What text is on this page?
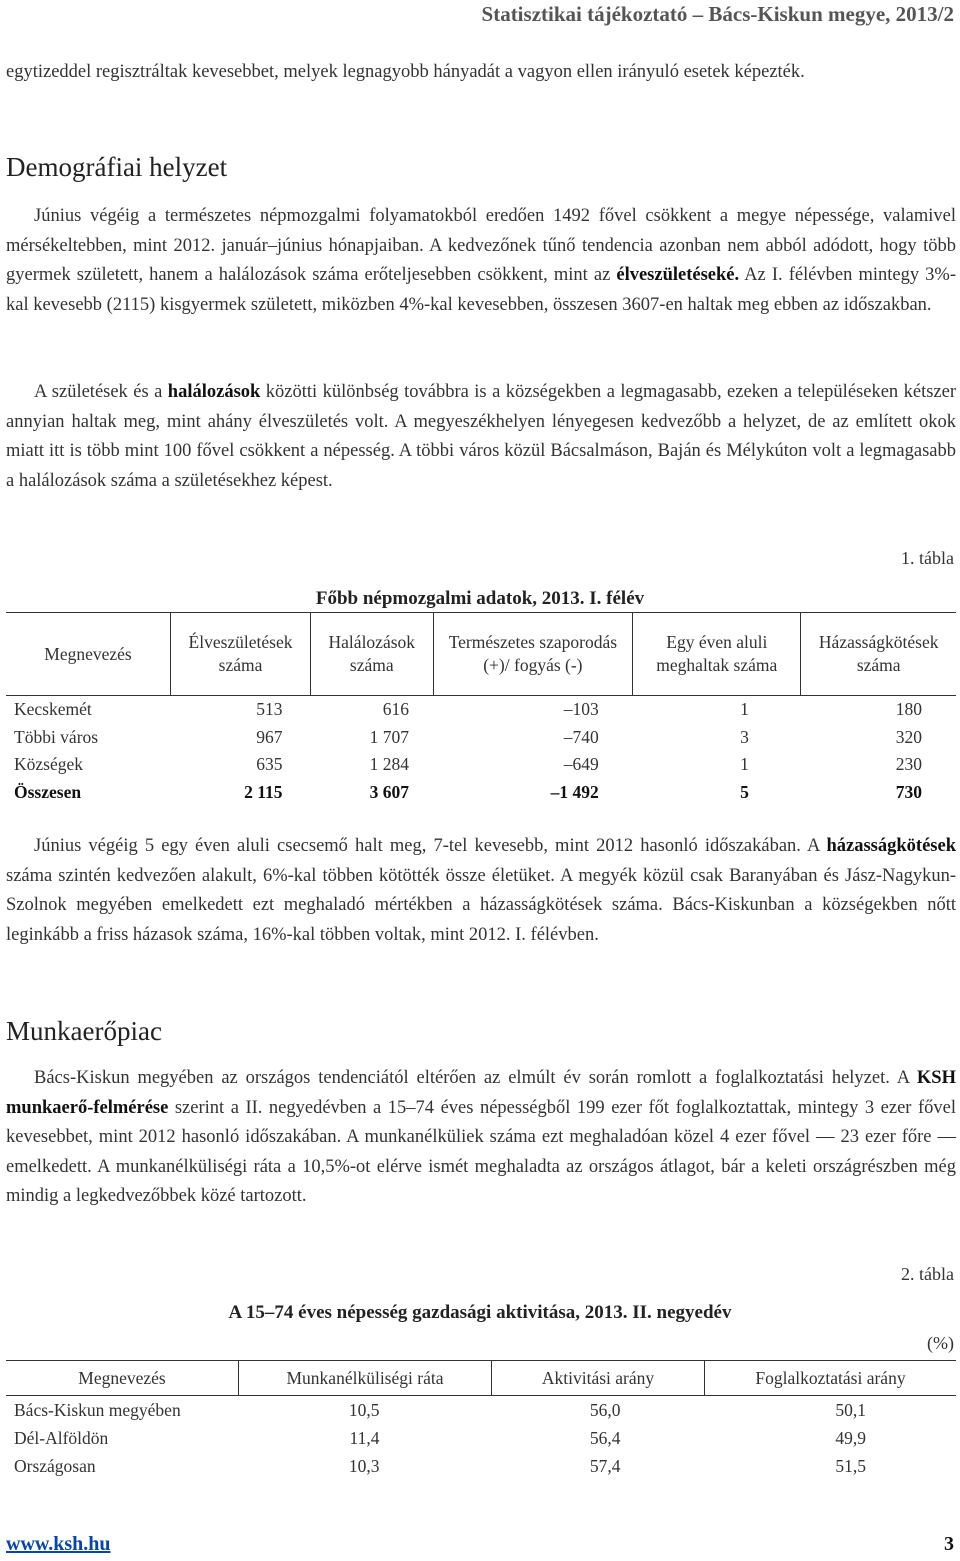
Statisztikai tájékoztató – Bács-Kiskun megye, 2013/2
egytizeddel regisztráltak kevesebbet, melyek legnagyobb hányadát a vagyon ellen irányuló esetek képezték.
Demográfiai helyzet
Június végéig a természetes népmozgalmi folyamatokból eredően 1492 fővel csökkent a megye népessége, valamivel mérsékeltebben, mint 2012. január–június hónapjaiban. A kedvezőnek tűnő tendencia azonban nem abból adódott, hogy több gyermek született, hanem a halálozások száma erőteljesebben csökkent, mint az élveszületéseké. Az I. félévben mintegy 3%-kal kevesebb (2115) kisgyermek született, miközben 4%-kal kevesebben, összesen 3607-en haltak meg ebben az időszakban.
A születések és a halálozások közötti különbség továbbra is a községekben a legmagasabb, ezeken a településeken kétszer annyian haltak meg, mint ahány élveszületés volt. A megyeszékhelyen lényegesen kedvezőbb a helyzet, de az említett okok miatt itt is több mint 100 fővel csökkent a népesség. A többi város közül Bácsalmáson, Baján és Mélykúton volt a legmagasabb a halálozások száma a születésekhez képest.
1. tábla
Főbb népmozgalmi adatok, 2013. I. félév
Megnevezés	Élveszületések száma	Halálozások száma	Természetes szaporodás (+)/ fogyás (-)	Egy éven aluli meghaltak száma	Házasságkötések száma
Kecskemét	513	616	–103	1	180
Többi város	967	1 707	–740	3	320
Községek	635	1 284	–649	1	230
Összesen	2 115	3 607	–1 492	5	730
Június végéig 5 egy éven aluli csecsemő halt meg, 7-tel kevesebb, mint 2012 hasonló időszakában. A házasságkötések száma szintén kedvezően alakult, 6%-kal többen kötötték össze életüket. A megyék közül csak Baranyában és Jász-Nagykun-Szolnok megyében emelkedett ezt meghaladó mértékben a házasságkötések száma. Bács-Kiskunban a községekben nőtt leginkább a friss házasok száma, 16%-kal többen voltak, mint 2012. I. félévben.
Munkaerőpiac
Bács-Kiskun megyében az országos tendenciától eltérően az elmúlt év során romlott a foglalkoztatási helyzet. A KSH munkaerő-felmérése szerint a II. negyedévben a 15–74 éves népességből 199 ezer főt foglalkoztattak, mintegy 3 ezer fővel kevesebbet, mint 2012 hasonló időszakában. A munkanélküliek száma ezt meghaladóan közel 4 ezer fővel — 23 ezer főre — emelkedett. A munkanélküliségi ráta a 10,5%-ot elérve ismét meghaladta az országos átlagot, bár a keleti országrészben még mindig a legkedvezőbbek közé tartozott.
2. tábla
A 15–74 éves népesség gazdasági aktivitása, 2013. II. negyedév
(%)
Megnevezés	Munkanélküliségi ráta	Aktivitási arány	Foglalkoztatási arány
Bács-Kiskun megyében	10,5	56,0	50,1
Dél-Alföldön	11,4	56,4	49,9
Országosan	10,3	57,4	51,5
www.ksh.hu	3
